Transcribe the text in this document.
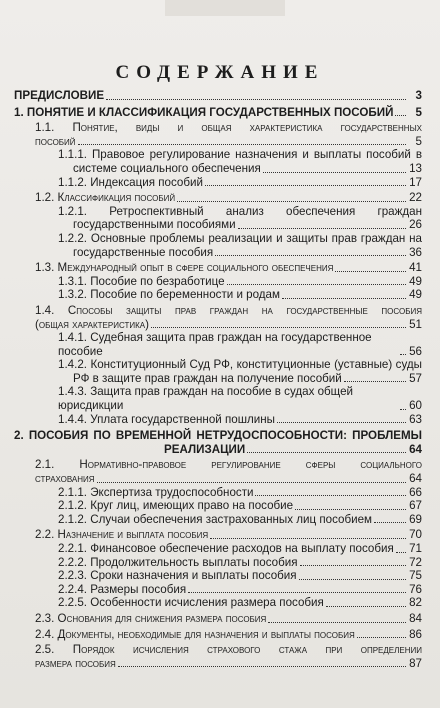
СОДЕРЖАНИЕ
ПРЕДИСЛОВИЕ	3
1. ПОНЯТИЕ И КЛАССИФИКАЦИЯ ГОСУДАРСТВЕННЫХ ПОСОБИЙ	5
1.1. Понятие, виды и общая характеристика государственных
пособий	5
1.1.1. Правовое регулирование назначения и выплаты пособий в
системе социального обеспечения	13
1.1.2. Индексация пособий	17
1.2. Классификация пособий	22
1.2.1. Ретроспективный анализ обеспечения граждан
государственными пособиями	26
1.2.2. Основные проблемы реализации и защиты прав граждан на
государственные пособия	36
1.3. Международный опыт в сфере социального обеспечения	41
1.3.1. Пособие по безработице	49
1.3.2. Пособие по беременности и родам	49
1.4. Способы защиты прав граждан на государственные пособия
(общая характеристика)	51
1.4.1. Судебная защита прав граждан на государственное пособие	56
1.4.2. Конституционный Суд РФ, конституционные (уставные) суды
РФ в защите прав граждан на получение пособий	57
1.4.3. Защита прав граждан на пособие в судах общей юрисдикции	60
1.4.4. Уплата государственной пошлины	63
2. ПОСОБИЯ ПО ВРЕМЕННОЙ НЕТРУДОСПОСОБНОСТИ: ПРОБЛЕМЫ
РЕАЛИЗАЦИИ	64
2.1. Нормативно-правовое регулирование сферы социального
страхования	64
2.1.1. Экспертиза трудоспособности	66
2.1.2. Круг лиц, имеющих право на пособие	67
2.1.2. Случаи обеспечения застрахованных лиц пособием	69
2.2. Назначение и выплата пособия	70
2.2.1. Финансовое обеспечение расходов на выплату пособия 71
2.2.2. Продолжительность выплаты пособия	72
2.2.3. Сроки назначения и выплаты пособия	75
2.2.4. Размеры пособия	76
2.2.5. Особенности исчисления размера пособия	82
2.3. Основания для снижения размера пособия	84
2.4. Документы, необходимые для назначения и выплаты пособия	86
2.5. Порядок исчисления страхового стажа при определении
размера пособия	87
